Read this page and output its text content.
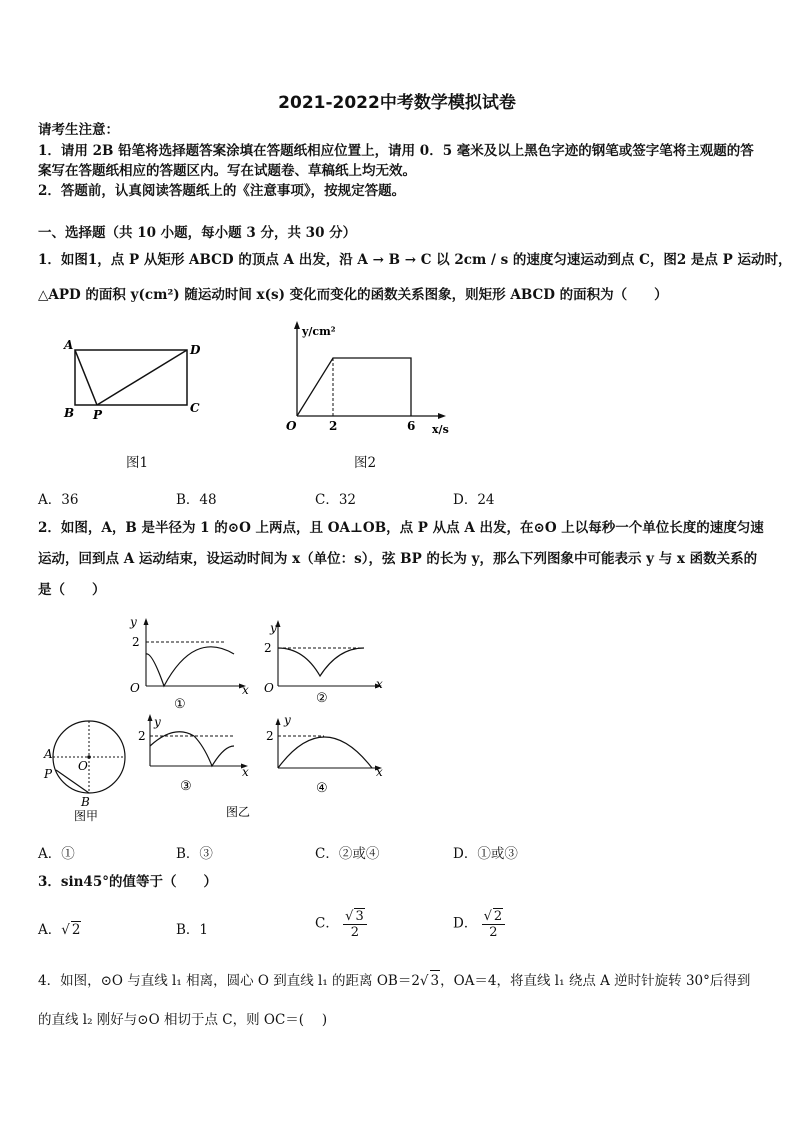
2021-2022中考数学模拟试卷
请考生注意：
1．请用 2B 铅笔将选择题答案涂填在答题纸相应位置上，请用 0．5 毫米及以上黑色字迹的钢笔或签字笔将主观题的答
案写在答题纸相应的答题区内。写在试题卷、草稿纸上均无效。
2．答题前，认真阅读答题纸上的《注意事项》，按规定答题。
一、选择题（共 10 小题，每小题 3 分，共 30 分）
1．如图1，点 P 从矩形 ABCD 的顶点 A 出发，沿 A → B → C 以 2cm / s 的速度匀速运动到点 C，图2 是点 P 运动时，
△APD 的面积 y(cm²) 随运动时间 x(s) 变化而变化的函数关系图象，则矩形 ABCD 的面积为（　　）
A	D
B P	C
图1
y/cm²
O	2	6 x/s
图2
A．36	B．48	C．32	D．24
2．如图，A，B 是半径为 1 的⊙O 上两点，且 OA⊥OB，点 P 从点 A 出发，在⊙O 上以每秒一个单位长度的速度匀速
运动，回到点 A 运动结束，设运动时间为 x（单位：s），弦 BP 的长为 y，那么下列图象中可能表示 y 与 x 函数关系的
是（　　）
y
2
O	x
①
y
2
O	x
②
A
P
O
B
图甲
y
2
x
③
y
2
x
④
图乙
A．①	B．③	C．②或④	D．①或③
3．sin45°的值等于（　　）
A．√ 2	B．1	C． $\frac{√ 3}{2}$	D． $\frac{√ 2}{2}$
4．如图，⊙O 与直线 l₁ 相离，圆心 O 到直线 l₁ 的距离 OB＝2√ 3，OA＝4，将直线 l₁ 绕点 A 逆时针旋转 30°后得到
的直线 l₂ 刚好与⊙O 相切于点 C，则 OC＝(　 )
